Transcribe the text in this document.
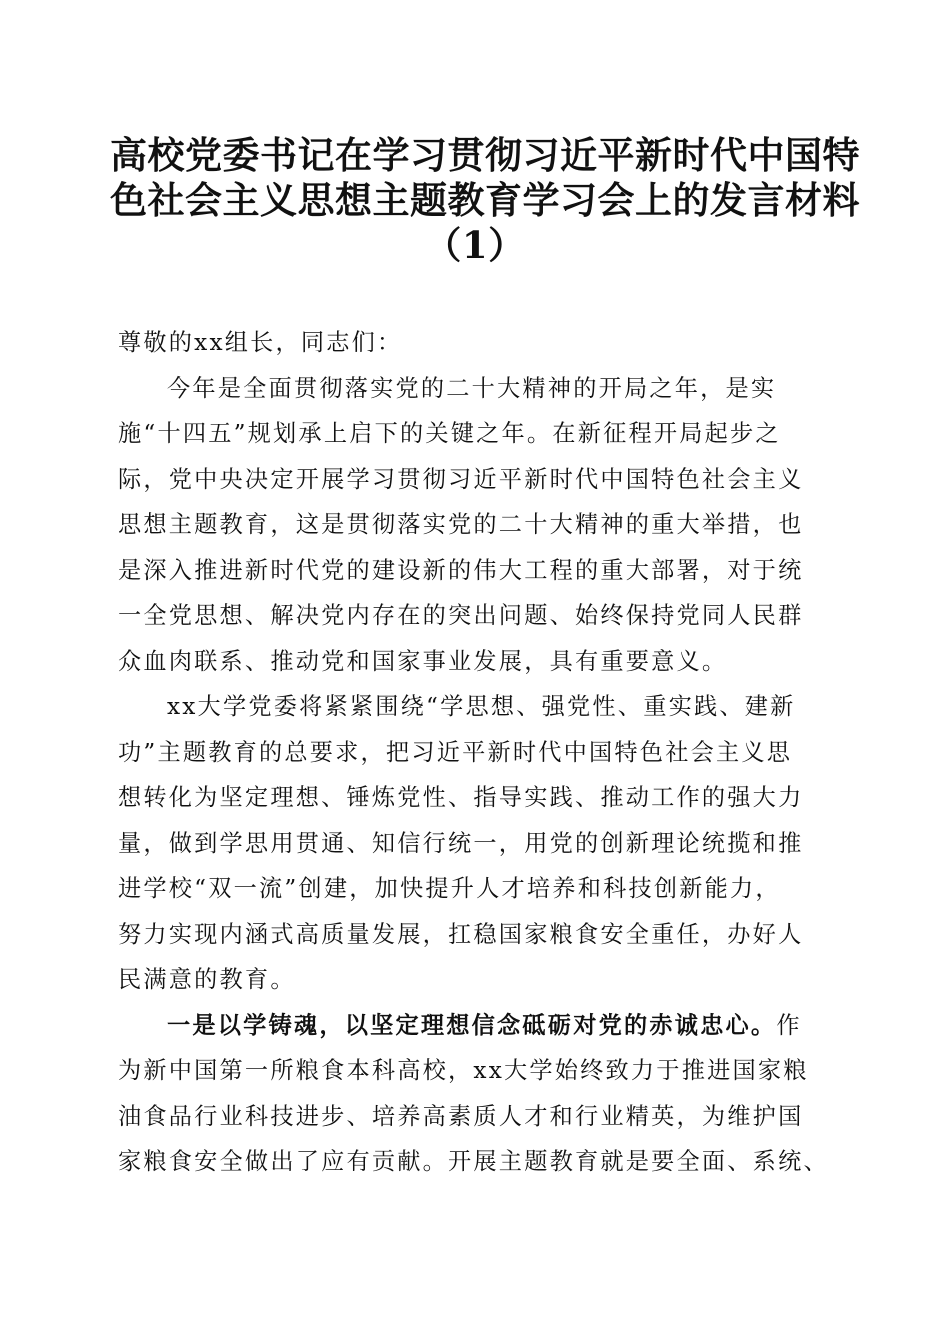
高校党委书记在学习贯彻习近平新时代中国特
色社会主义思想主题教育学习会上的发言材料
（1）
尊敬的xx组长，同志们：
今年是全面贯彻落实党的二十大精神的开局之年，是实
施“十四五”规划承上启下的关键之年。在新征程开局起步之
际，党中央决定开展学习贯彻习近平新时代中国特色社会主义
思想主题教育，这是贯彻落实党的二十大精神的重大举措，也
是深入推进新时代党的建设新的伟大工程的重大部署，对于统
一全党思想、解决党内存在的突出问题、始终保持党同人民群
众血肉联系、推动党和国家事业发展，具有重要意义。
xx大学党委将紧紧围绕“学思想、强党性、重实践、建新
功”主题教育的总要求，把习近平新时代中国特色社会主义思
想转化为坚定理想、锤炼党性、指导实践、推动工作的强大力
量，做到学思用贯通、知信行统一，用党的创新理论统揽和推
进学校“双一流”创建，加快提升人才培养和科技创新能力，
努力实现内涵式高质量发展，扛稳国家粮食安全重任，办好人
民满意的教育。
一是以学铸魂，以坚定理想信念砥砺对党的赤诚忠心。作
为新中国第一所粮食本科高校，xx大学始终致力于推进国家粮
油食品行业科技进步、培养高素质人才和行业精英，为维护国
家粮食安全做出了应有贡献。开展主题教育就是要全面、系统、
